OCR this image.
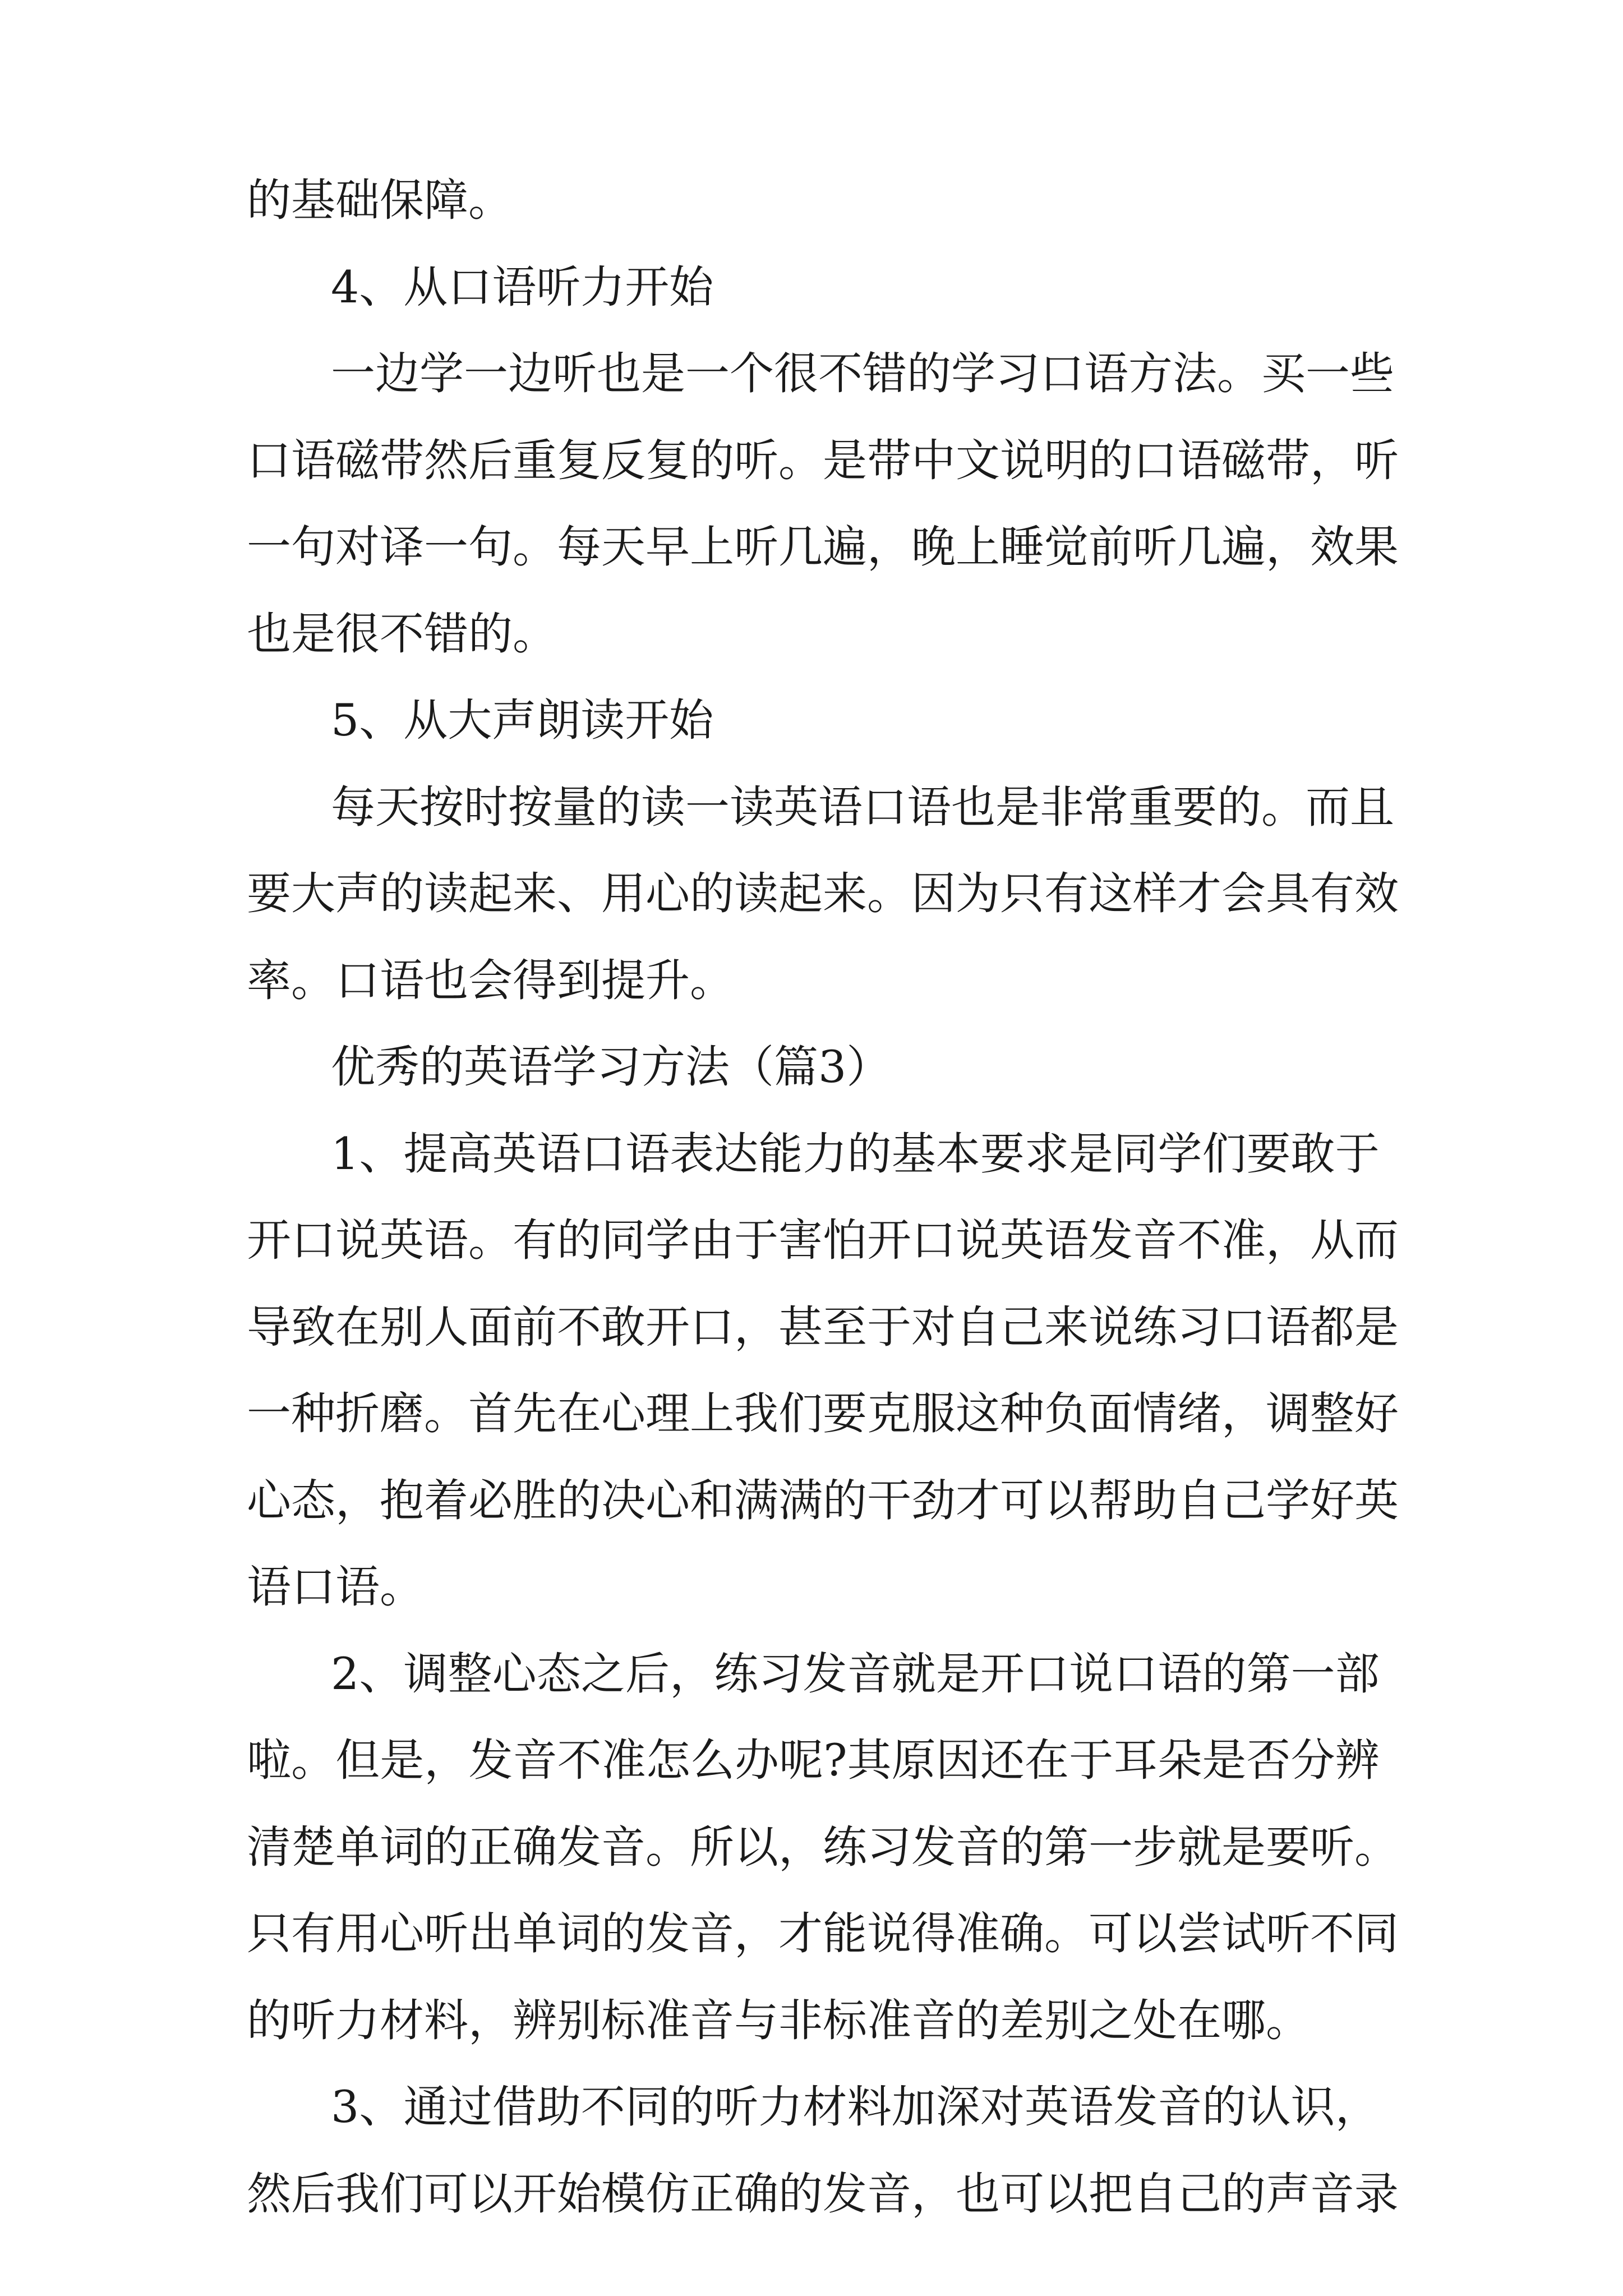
的基础保障。

4、从口语听力开始

一 边 学 一 边 听 也 是 一 个 很 不 错 的 学 习 口 语 方 法 。 买 一 些

口 语 磁 带 然 后 重 复 反 复 的 听 。 是 带 中 文 说 明 的 口 语 磁 带 ， 听

一 句 对 译 一 句 。 每 天 早 上 听 几 遍 ， 晚 上 睡 觉 前 听 几 遍 ， 效 果

也是很不错的。

5、从大声朗读开始

每 天 按 时 按 量 的 读 一 读 英 语 口 语 也 是 非 常 重 要 的 。 而 且

要 大 声 的 读 起 来 、 用 心 的 读 起 来 。 因 为 只 有 这 样 才 会 具 有 效

率。口语也会得到提升。

优秀的英语学习方法（篇3）

1 、 提 高 英 语 口 语 表 达 能 力 的 基 本 要 求 是 同 学 们 要 敢 于

开 口 说 英 语 。 有 的 同 学 由 于 害 怕 开 口 说 英 语 发 音 不 准 ， 从 而

导 致 在 别 人 面 前 不 敢 开 口 ， 甚 至 于 对 自 己 来 说 练 习 口 语 都 是

一 种 折 磨 。 首 先 在 心 理 上 我 们 要 克 服 这 种 负 面 情 绪 ， 调 整 好

心 态 ， 抱 着 必 胜 的 决 心 和 满 满 的 干 劲 才 可 以 帮 助 自 己 学 好 英

语口语。

2 、 调 整 心 态 之 后 ， 练 习 发 音 就 是 开 口 说 口 语 的 第 一 部

啦 。 但 是 ， 发 音 不 准 怎 么 办 呢 ? 其 原 因 还 在 于 耳 朵 是 否 分 辨

清 楚 单 词 的 正 确 发 音 。 所 以 ， 练 习 发 音 的 第 一 步 就 是 要 听 。

只 有 用 心 听 出 单 词 的 发 音 ， 才 能 说 得 准 确 。 可 以 尝 试 听 不 同

的听力材料，辨别标准音与非标准音的差别之处在哪。

3 、 通 过 借 助 不 同 的 听 力 材 料 加 深 对 英 语 发 音 的 认 识 ，

然 后 我 们 可 以 开 始 模 仿 正 确 的 发 音 ， 也 可 以 把 自 己 的 声 音 录
